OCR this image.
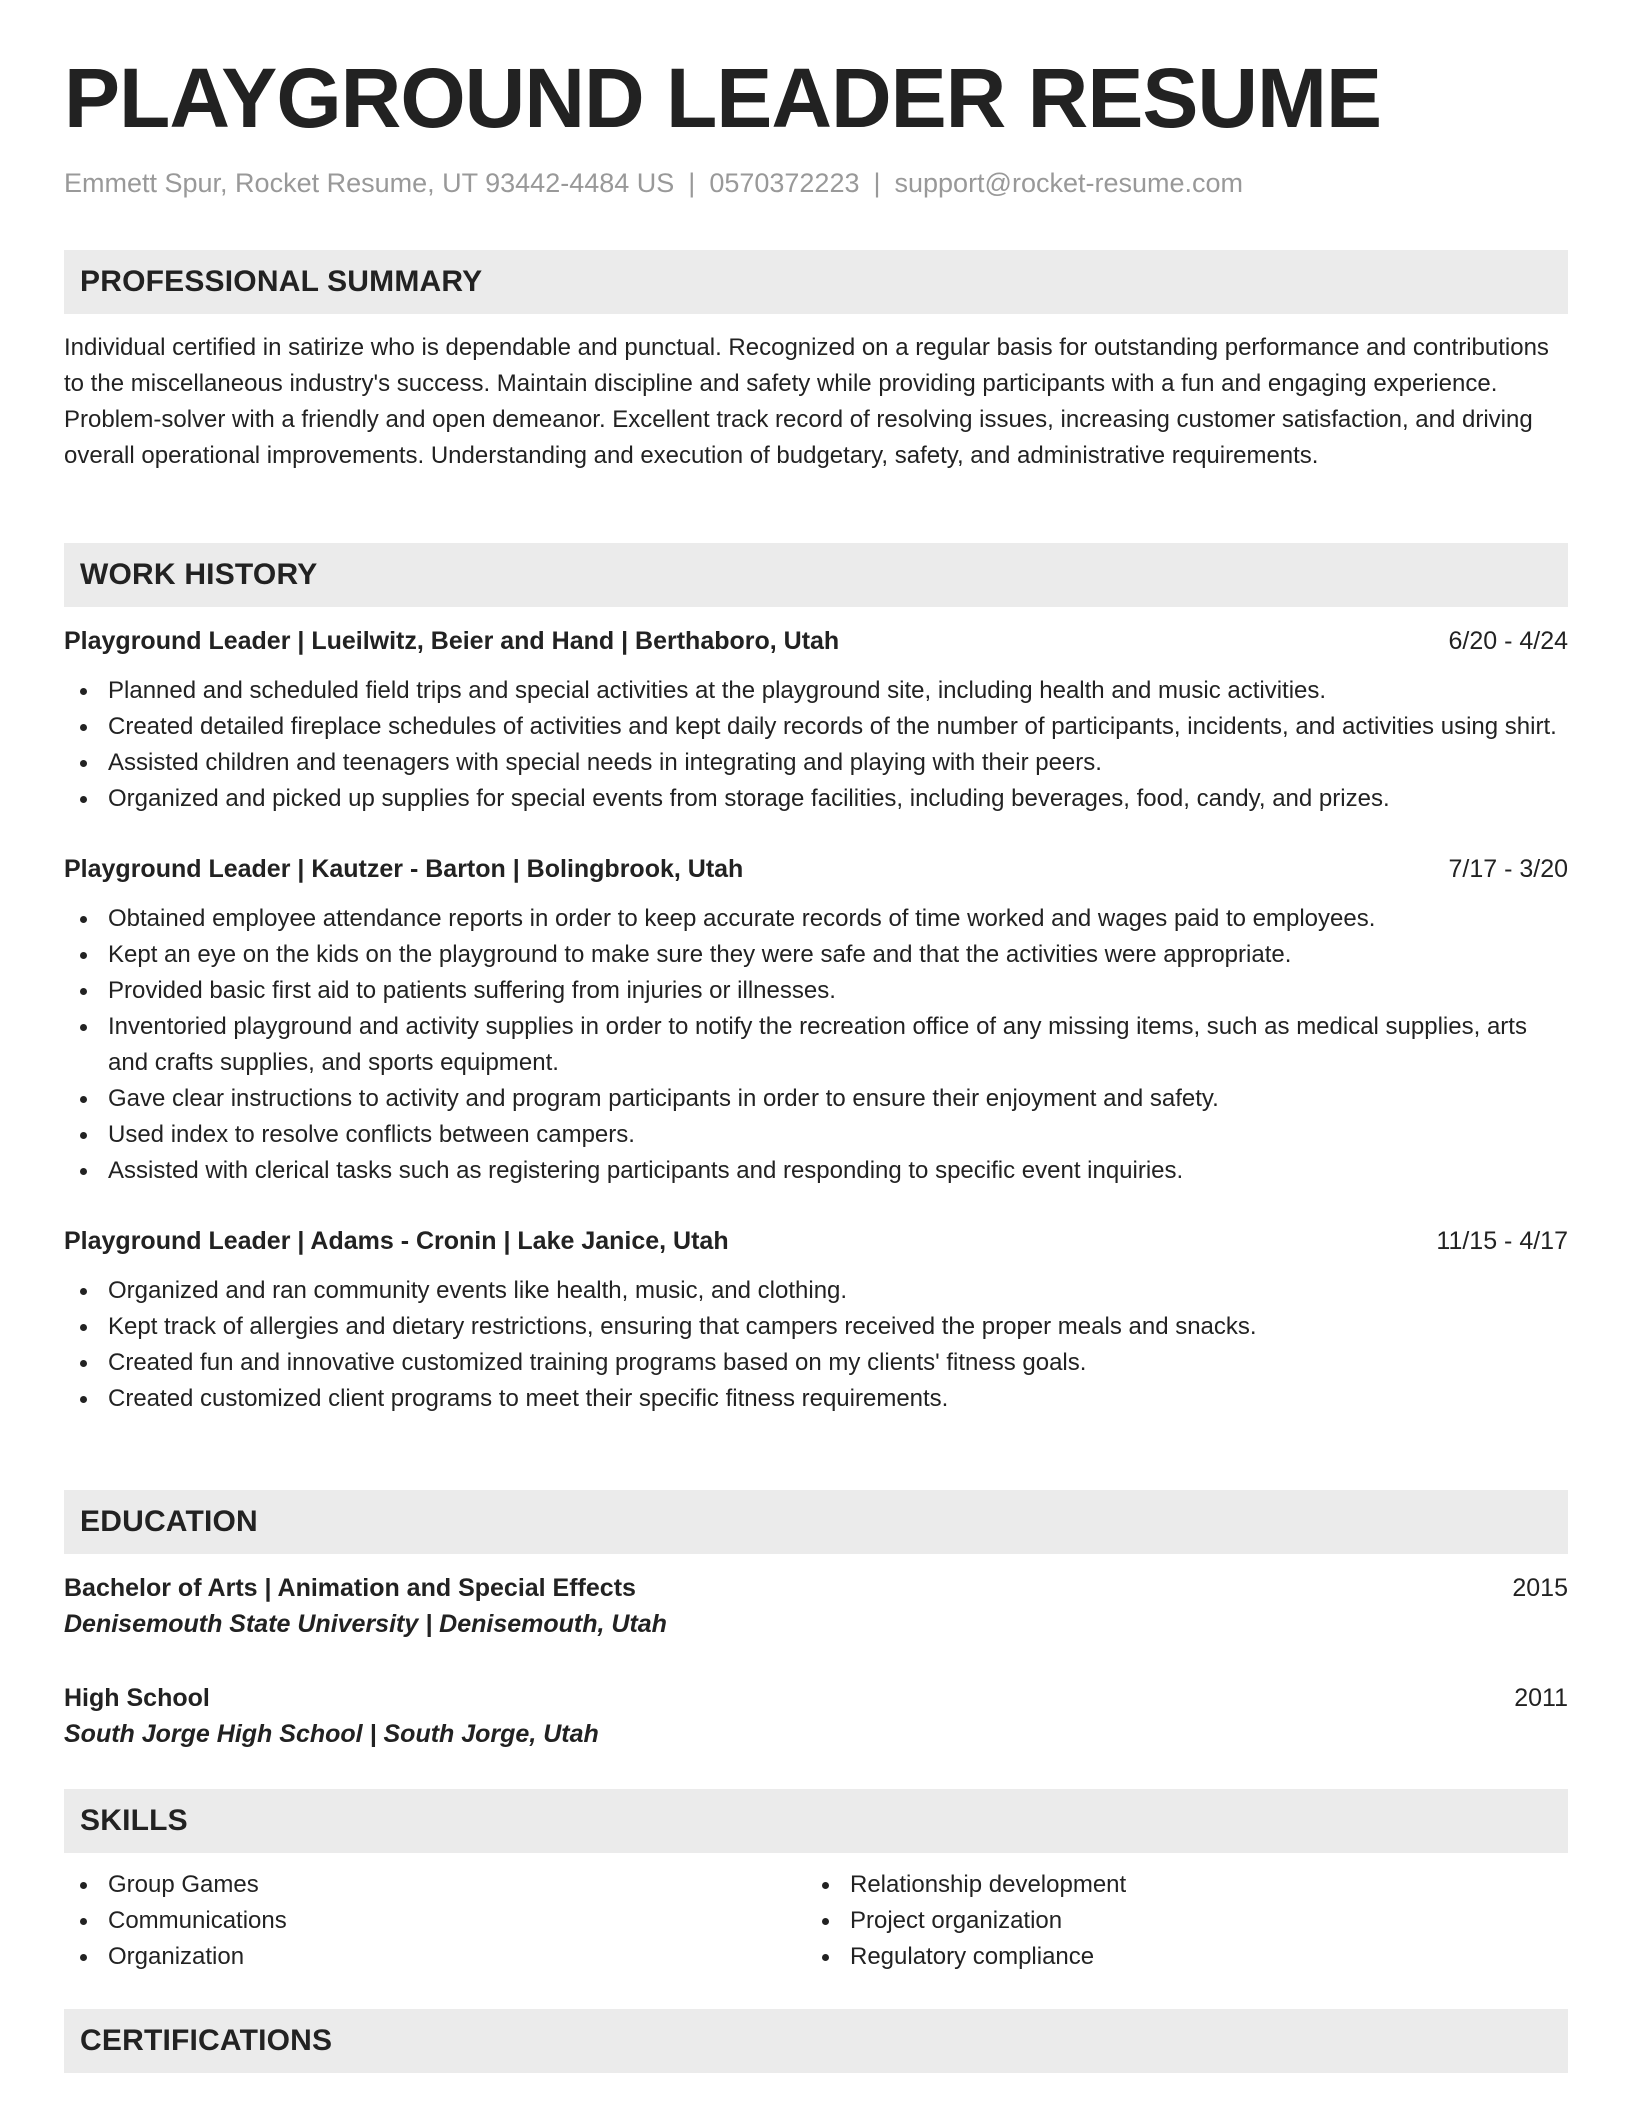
PLAYGROUND LEADER RESUME
Emmett Spur, Rocket Resume, UT 93442-4484 US | 0570372223 | support@rocket-resume.com
PROFESSIONAL SUMMARY

Individual certified in satirize who is dependable and punctual. Recognized on a regular basis for outstanding performance and contributions to the miscellaneous industry's success. Maintain discipline and safety while providing participants with a fun and engaging experience. Problem-solver with a friendly and open demeanor. Excellent track record of resolving issues, increasing customer satisfaction, and driving overall operational improvements. Understanding and execution of budgetary, safety, and administrative requirements.

WORK HISTORY
Playground Leader | Lueilwitz, Beier and Hand | Berthaboro, Utah	6/20 - 4/24
Planned and scheduled field trips and special activities at the playground site, including health and music activities.
Created detailed fireplace schedules of activities and kept daily records of the number of participants, incidents, and activities using shirt.
Assisted children and teenagers with special needs in integrating and playing with their peers.
Organized and picked up supplies for special events from storage facilities, including beverages, food, candy, and prizes.
Playground Leader | Kautzer - Barton | Bolingbrook, Utah	7/17 - 3/20
Obtained employee attendance reports in order to keep accurate records of time worked and wages paid to employees.
Kept an eye on the kids on the playground to make sure they were safe and that the activities were appropriate.
Provided basic first aid to patients suffering from injuries or illnesses.
Inventoried playground and activity supplies in order to notify the recreation office of any missing items, such as medical supplies, arts and crafts supplies, and sports equipment.
Gave clear instructions to activity and program participants in order to ensure their enjoyment and safety.
Used index to resolve conflicts between campers.
Assisted with clerical tasks such as registering participants and responding to specific event inquiries.
Playground Leader | Adams - Cronin | Lake Janice, Utah	11/15 - 4/17
Organized and ran community events like health, music, and clothing.
Kept track of allergies and dietary restrictions, ensuring that campers received the proper meals and snacks.
Created fun and innovative customized training programs based on my clients' fitness goals.
Created customized client programs to meet their specific fitness requirements.
EDUCATION
Bachelor of Arts | Animation and Special Effects	2015
Denisemouth State University | Denisemouth, Utah
High School	2011
South Jorge High School | South Jorge, Utah
SKILLS
Group Games
Communications
Organization
Relationship development
Project organization
Regulatory compliance
CERTIFICATIONS
